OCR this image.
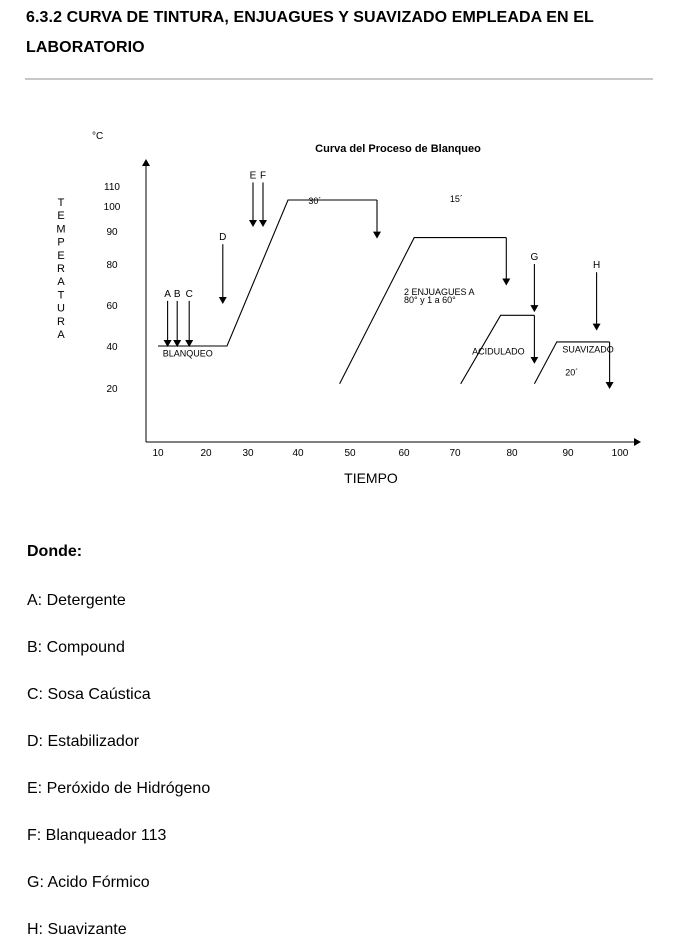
6.3.2 CURVA DE TINTURA, ENJUAGUES Y SUAVIZADO EMPLEADA EN EL LABORATORIO
Curva del Proceso de Blanqueo
°C
T E M P E R A T U R A
TIEMPO
20
40
60
80
90
100
110
10	20	30	40	50	60	70	80	90	100
A B C
D
E F
G
H
30´	15´
2 ENJUAGUES A
80° y 1 a 60°
BLANQUEO	ACIDULADO	SUAVIZADO
20´
Donde:
A: Detergente
B: Compound
C: Sosa Caústica
D: Estabilizador
E: Peróxido de Hidrógeno
F: Blanqueador 113
G: Acido Fórmico
H: Suavizante
